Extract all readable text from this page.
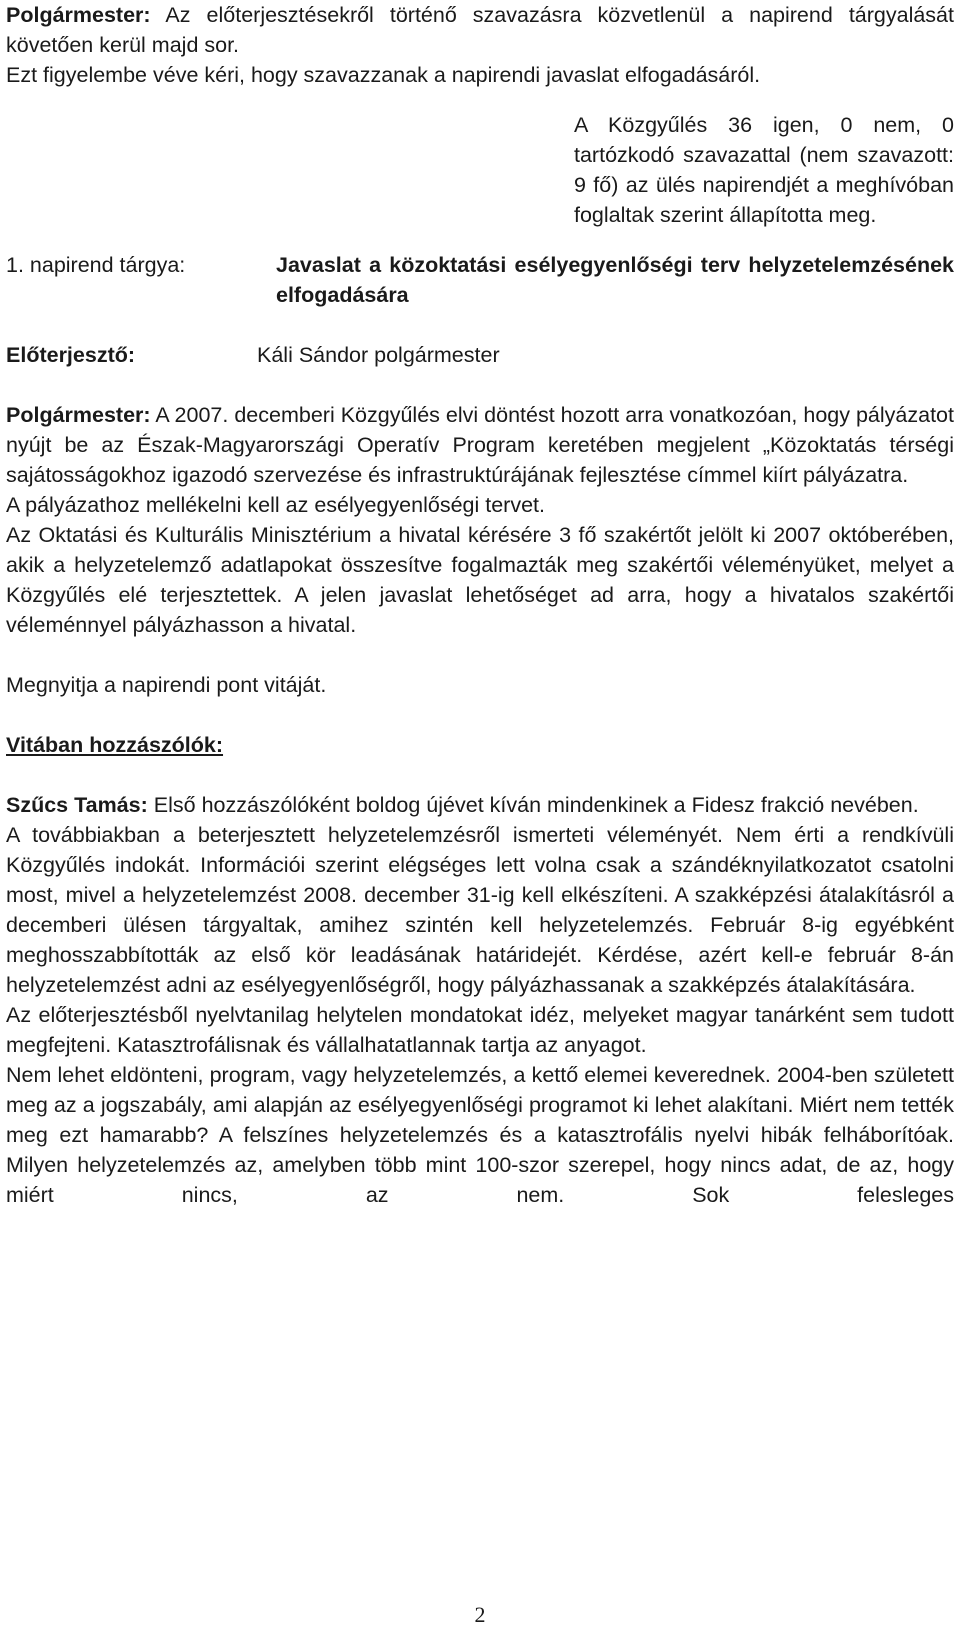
Polgármester: Az előterjesztésekről történő szavazásra közvetlenül a napirend tárgyalását követően kerül majd sor.

Ezt figyelembe véve kéri, hogy szavazzanak a napirendi javaslat elfogadásáról.

A Közgyűlés 36 igen, 0 nem, 0 tartózkodó szavazattal (nem szavazott: 9 fő) az ülés napirendjét a meghívóban foglaltak szerint állapította meg.

1. napirend tárgya:	Javaslat a közoktatási esélyegyenlőségi terv helyzetelemzésének elfogadására

Előterjesztő:	Káli Sándor polgármester

Polgármester: A 2007. decemberi Közgyűlés elvi döntést hozott arra vonatkozóan, hogy pályázatot nyújt be az Észak-Magyarországi Operatív Program keretében megjelent „Közoktatás térségi sajátosságokhoz igazodó szervezése és infrastruktúrájának fejlesztése címmel kiírt pályázatra.

A pályázathoz mellékelni kell az esélyegyenlőségi tervet.

Az Oktatási és Kulturális Minisztérium a hivatal kérésére 3 fő szakértőt jelölt ki 2007 októberében, akik a helyzetelemző adatlapokat összesítve fogalmazták meg szakértői véleményüket, melyet a Közgyűlés elé terjesztettek. A jelen javaslat lehetőséget ad arra, hogy a hivatalos szakértői véleménnyel pályázhasson a hivatal.

Megnyitja a napirendi pont vitáját.

Vitában hozzászólók:

Szűcs Tamás: Első hozzászólóként boldog újévet kíván mindenkinek a Fidesz frakció nevében.

A továbbiakban a beterjesztett helyzetelemzésről ismerteti véleményét. Nem érti a rendkívüli Közgyűlés indokát. Információi szerint elégséges lett volna csak a szándéknyilatkozatot csatolni most, mivel a helyzetelemzést 2008. december 31-ig kell elkészíteni. A szakképzési átalakításról a decemberi ülésen tárgyaltak, amihez szintén kell helyzetelemzés. Február 8-ig egyébként meghosszabbították az első kör leadásának határidejét. Kérdése, azért kell-e február 8-án helyzetelemzést adni az esélyegyenlőségről, hogy pályázhassanak a szakképzés átalakítására.

Az előterjesztésből nyelvtanilag helytelen mondatokat idéz, melyeket magyar tanárként sem tudott megfejteni. Katasztrofálisnak és vállalhatatlannak tartja az anyagot.

Nem lehet eldönteni, program, vagy helyzetelemzés, a kettő elemei keverednek. 2004-ben született meg az a jogszabály, ami alapján az esélyegyenlőségi programot ki lehet alakítani. Miért nem tették meg ezt hamarabb? A felszínes helyzetelemzés és a katasztrofális nyelvi hibák felháborítóak. Milyen helyzetelemzés az, amelyben több mint 100-szor szerepel, hogy nincs adat, de az, hogy miért nincs, az nem. Sok felesleges

2
